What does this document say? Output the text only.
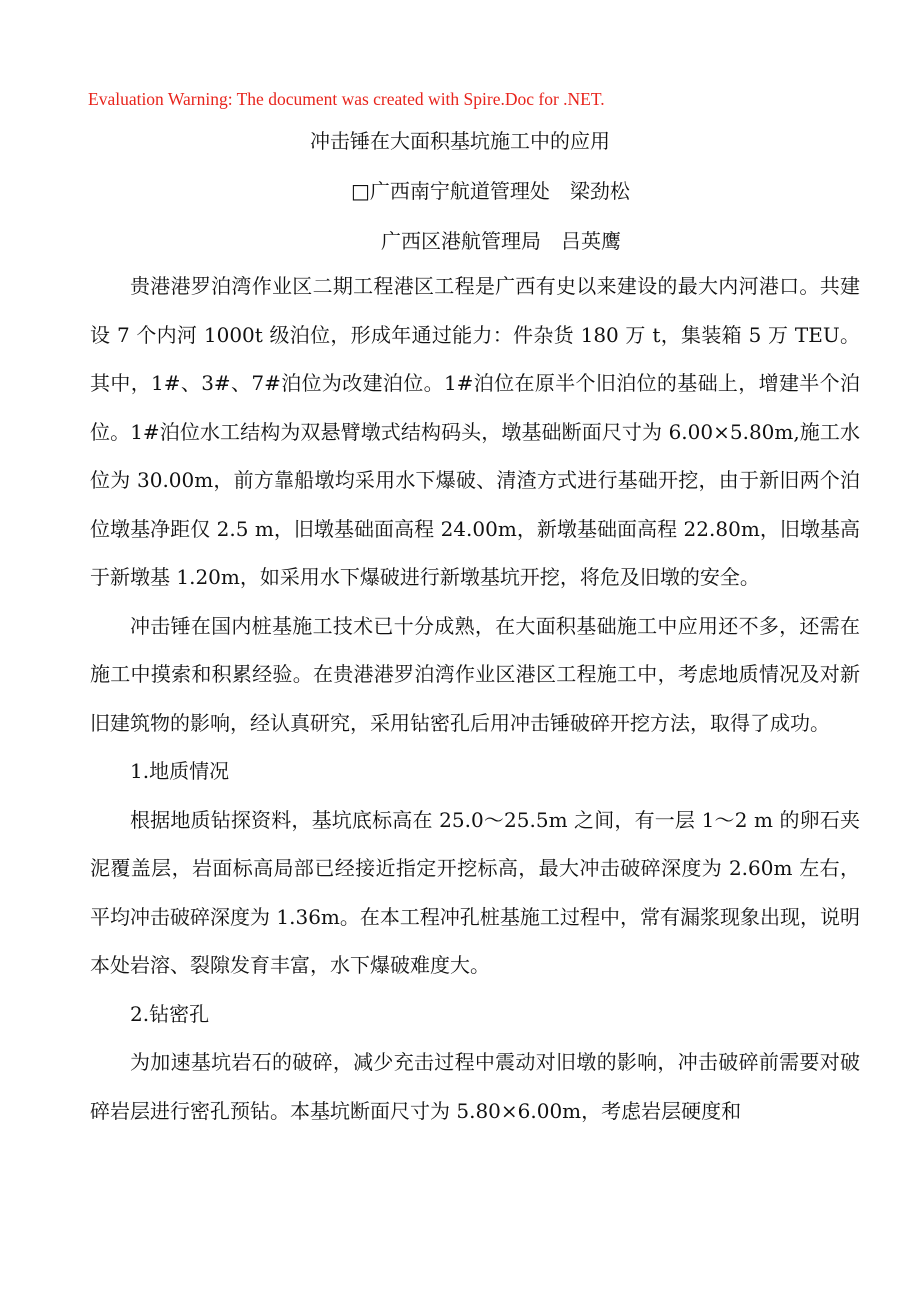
Evaluation Warning: The document was created with Spire.Doc for .NET.
冲击锤在大面积基坑施工中的应用
□广西南宁航道管理处　梁劲松
广西区港航管理局　吕英鹰

贵港港罗泊湾作业区二期工程港区工程是广西有史以来建设的最大内河港口。共建设 7 个内河 1000t 级泊位，形成年通过能力：件杂货 180 万 t，集装箱 5 万 TEU。其中，1#、3#、7#泊位为改建泊位。1#泊位在原半个旧泊位的基础上，增建半个泊位。1#泊位水工结构为双悬臂墩式结构码头，墩基础断面尺寸为 6.00×5.80m,施工水位为 30.00m，前方靠船墩均采用水下爆破、清渣方式进行基础开挖，由于新旧两个泊位墩基净距仅 2.5 m，旧墩基础面高程 24.00m，新墩基础面高程 22.80m，旧墩基高于新墩基 1.20m，如采用水下爆破进行新墩基坑开挖，将危及旧墩的安全。

冲击锤在国内桩基施工技术已十分成熟，在大面积基础施工中应用还不多，还需在施工中摸索和积累经验。在贵港港罗泊湾作业区港区工程施工中，考虑地质情况及对新旧建筑物的影响，经认真研究，采用钻密孔后用冲击锤破碎开挖方法，取得了成功。

1.地质情况

根据地质钻探资料，基坑底标高在 25.0～25.5m 之间，有一层 1～2 m 的卵石夹泥覆盖层，岩面标高局部已经接近指定开挖标高，最大冲击破碎深度为 2.60m 左右，平均冲击破碎深度为 1.36m。在本工程冲孔桩基施工过程中，常有漏浆现象出现，说明本处岩溶、裂隙发育丰富，水下爆破难度大。

2.钻密孔

为加速基坑岩石的破碎，减少充击过程中震动对旧墩的影响，冲击破碎前需要对破碎岩层进行密孔预钻。本基坑断面尺寸为 5.80×6.00m，考虑岩层硬度和
